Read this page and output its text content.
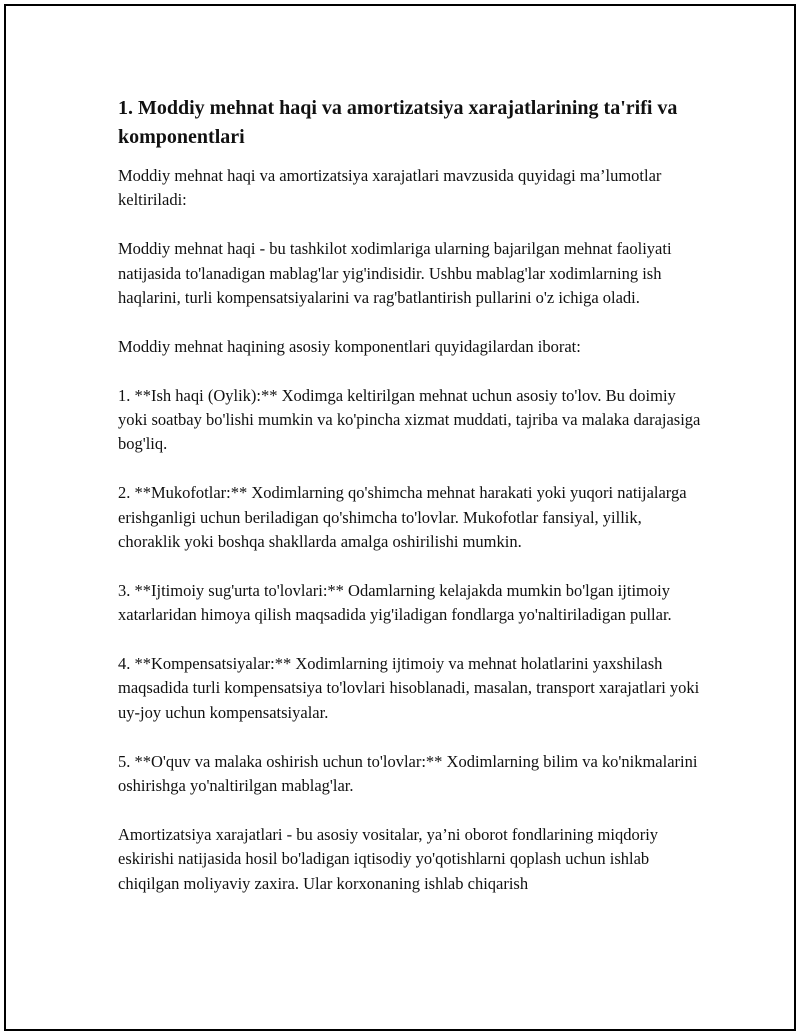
1. Moddiy mehnat haqi va amortizatsiya xarajatlarining ta'rifi va komponentlari

Moddiy mehnat haqi va amortizatsiya xarajatlari mavzusida quyidagi ma’lumotlar keltiriladi:

Moddiy mehnat haqi - bu tashkilot xodimlariga ularning bajarilgan mehnat faoliyati natijasida to'lanadigan mablag'lar yig'indisidir. Ushbu mablag'lar xodimlarning ish haqlarini, turli kompensatsiyalarini va rag'batlantirish pullarini o'z ichiga oladi.

Moddiy mehnat haqining asosiy komponentlari quyidagilardan iborat:

1. **Ish haqi (Oylik):** Xodimga keltirilgan mehnat uchun asosiy to'lov. Bu doimiy yoki soatbay bo'lishi mumkin va ko'pincha xizmat muddati, tajriba va malaka darajasiga bog'liq.

2. **Mukofotlar:** Xodimlarning qo'shimcha mehnat harakati yoki yuqori natijalarga erishganligi uchun beriladigan qo'shimcha to'lovlar. Mukofotlar fansiyal, yillik, choraklik yoki boshqa shakllarda amalga oshirilishi mumkin.

3. **Ijtimoiy sug'urta to'lovlari:** Odamlarning kelajakda mumkin bo'lgan ijtimoiy xatarlaridan himoya qilish maqsadida yig'iladigan fondlarga yo'naltiriladigan pullar.

4. **Kompensatsiyalar:** Xodimlarning ijtimoiy va mehnat holatlarini yaxshilash maqsadida turli kompensatsiya to'lovlari hisoblanadi, masalan, transport xarajatlari yoki uy-joy uchun kompensatsiyalar.

5. **O'quv va malaka oshirish uchun to'lovlar:** Xodimlarning bilim va ko'nikmalarini oshirishga yo'naltirilgan mablag'lar.

Amortizatsiya xarajatlari - bu asosiy vositalar, ya’ni oborot fondlarining miqdoriy eskirishi natijasida hosil bo'ladigan iqtisodiy yo'qotishlarni qoplash uchun ishlab chiqilgan moliyaviy zaxira. Ular korxonaning ishlab chiqarish
